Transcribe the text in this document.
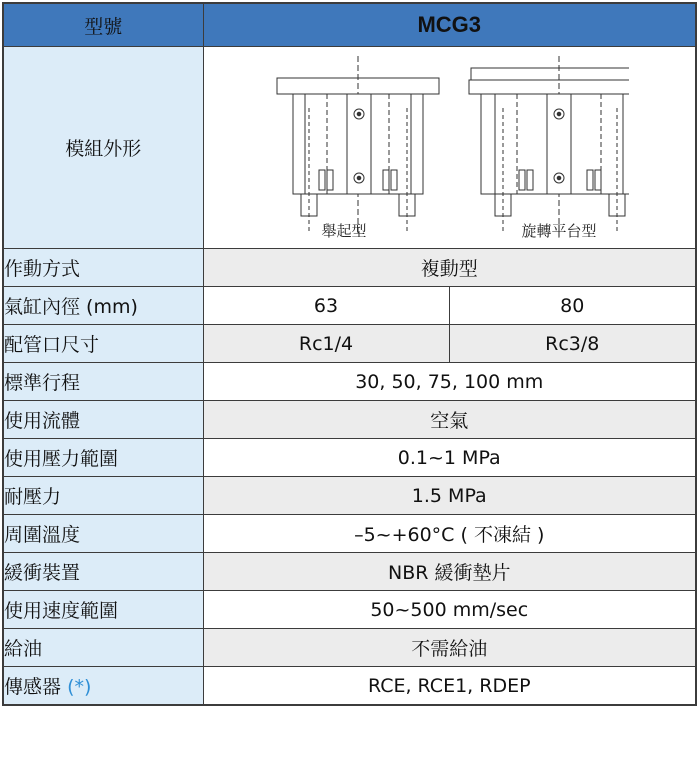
型號	MCG3	
模組外形	舉起型 旋轉平台型	

作動方式	複動型	
氣缸內徑 (mm)	63	80
配管口尺寸	Rc1/4	Rc3/8
標準行程	30, 50, 75, 100 mm	
使用流體	空氣	
使用壓力範圍	0.1~1 MPa	
耐壓力	1.5 MPa	
周圍溫度	–5~+60°C ( 不凍結 )	
緩衝裝置	NBR 緩衝墊片	
使用速度範圍	50~500 mm/sec	
給油	不需給油	
傳感器 (*)	RCE, RCE1, RDEP	
